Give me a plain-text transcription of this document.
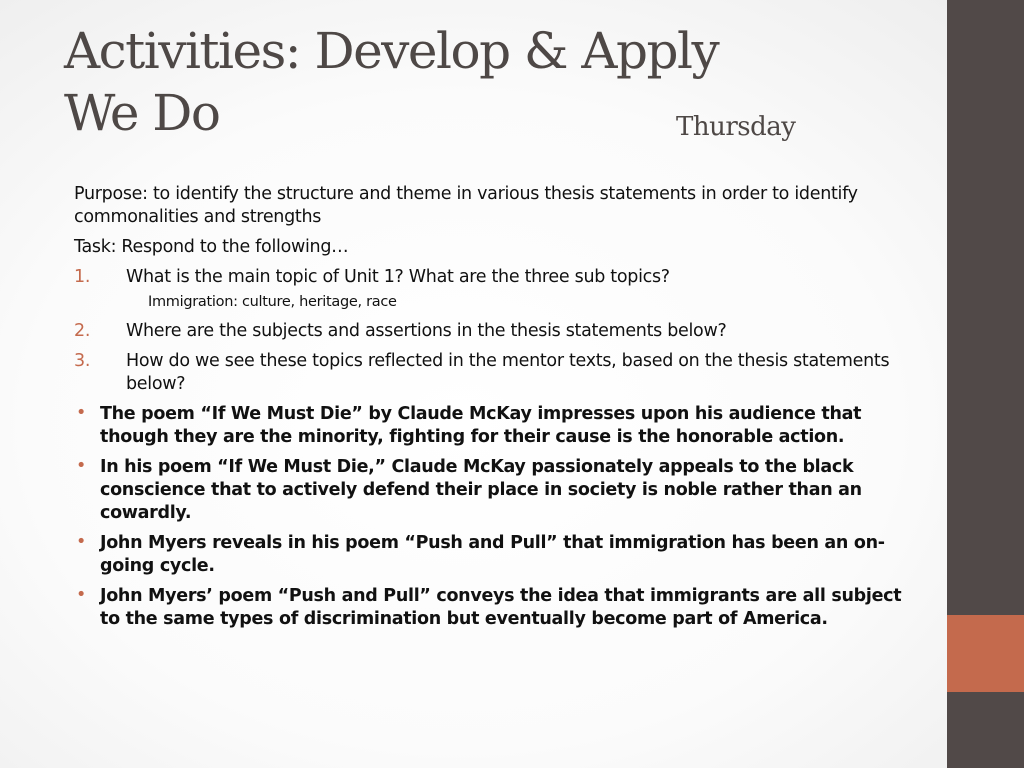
Activities: Develop & Apply
We Do	Thursday

Purpose: to identify the structure and theme in various thesis statements in order to identify commonalities and strengths

Task: Respond to the following…

1. What is the main topic of Unit 1? What are the three sub topics?
Immigration: culture, heritage, race
2. Where are the subjects and assertions in the thesis statements below?
3. How do we see these topics reflected in the mentor texts, based on the thesis statements below?
• The poem “If We Must Die” by Claude McKay impresses upon his audience that though they are the minority, fighting for their cause is the honorable action.
• In his poem “If We Must Die,” Claude McKay passionately appeals to the black conscience that to actively defend their place in society is noble rather than an cowardly.
• John Myers reveals in his poem “Push and Pull” that immigration has been an on-going cycle.
• John Myers’ poem “Push and Pull” conveys the idea that immigrants are all subject to the same types of discrimination but eventually become part of America.
